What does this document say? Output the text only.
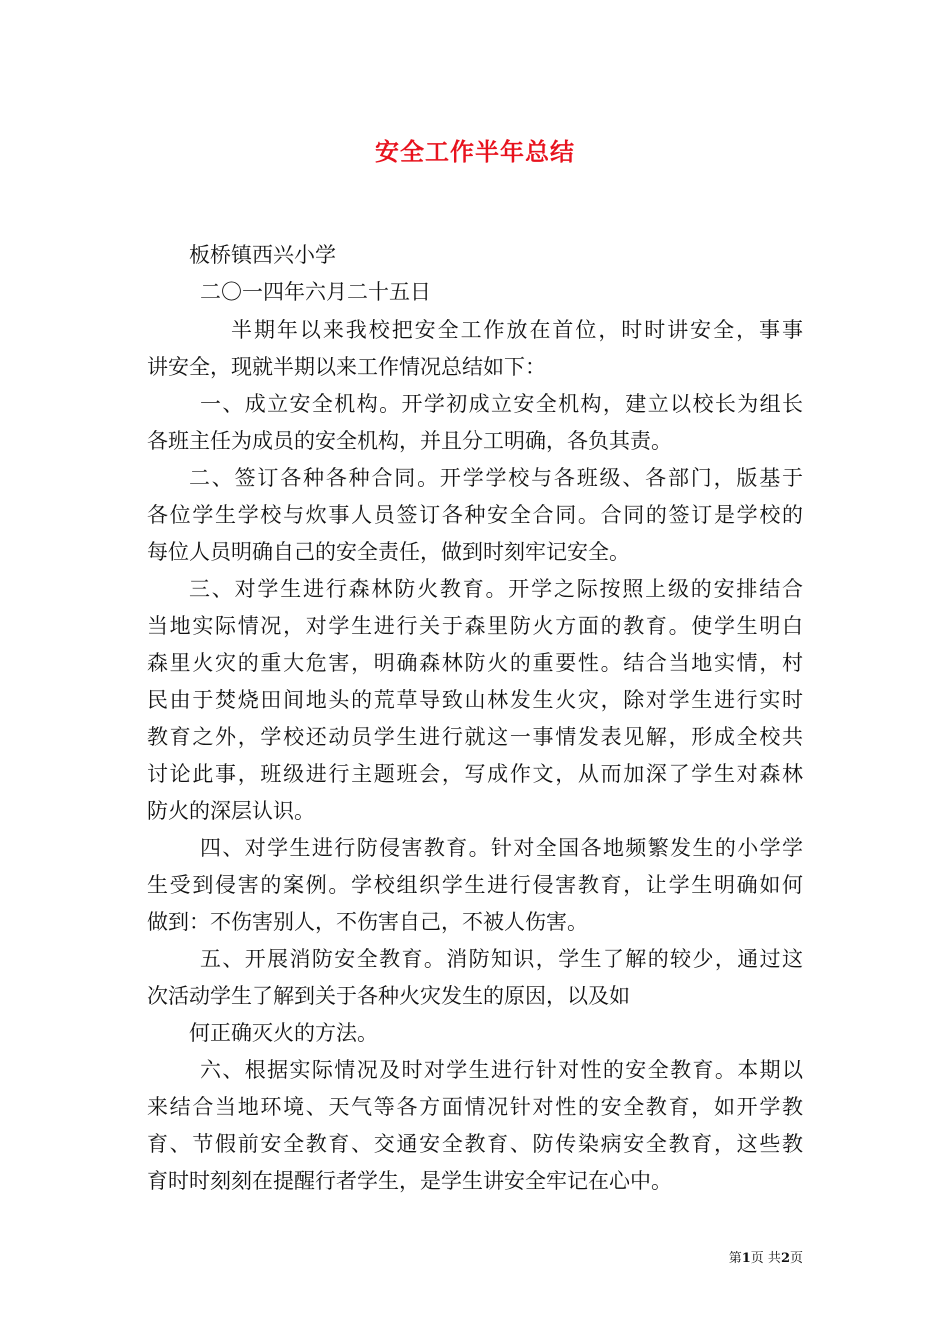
安全工作半年总结
板桥镇西兴小学
二〇一四年六月二十五日
半期年以来我校把安全工作放在首位，时时讲安全，事事
讲安全，现就半期以来工作情况总结如下：
一、成立安全机构。开学初成立安全机构，建立以校长为组长
各班主任为成员的安全机构，并且分工明确，各负其责。
二、签订各种各种合同。开学学校与各班级、各部门，版基于
各位学生学校与炊事人员签订各种安全合同。合同的签订是学校的
每位人员明确自己的安全责任，做到时刻牢记安全。
三、对学生进行森林防火教育。开学之际按照上级的安排结合
当地实际情况，对学生进行关于森里防火方面的教育。使学生明白
森里火灾的重大危害，明确森林防火的重要性。结合当地实情，村
民由于焚烧田间地头的荒草导致山林发生火灾，除对学生进行实时
教育之外，学校还动员学生进行就这一事情发表见解，形成全校共
讨论此事，班级进行主题班会，写成作文，从而加深了学生对森林
防火的深层认识。
四、对学生进行防侵害教育。针对全国各地频繁发生的小学学
生受到侵害的案例。学校组织学生进行侵害教育，让学生明确如何
做到：不伤害别人，不伤害自己，不被人伤害。
五、开展消防安全教育。消防知识，学生了解的较少，通过这
次活动学生了解到关于各种火灾发生的原因，以及如
何正确灭火的方法。
六、根据实际情况及时对学生进行针对性的安全教育。本期以
来结合当地环境、天气等各方面情况针对性的安全教育，如开学教
育、节假前安全教育、交通安全教育、防传染病安全教育，这些教
育时时刻刻在提醒行者学生，是学生讲安全牢记在心中。
第1页 共2页
